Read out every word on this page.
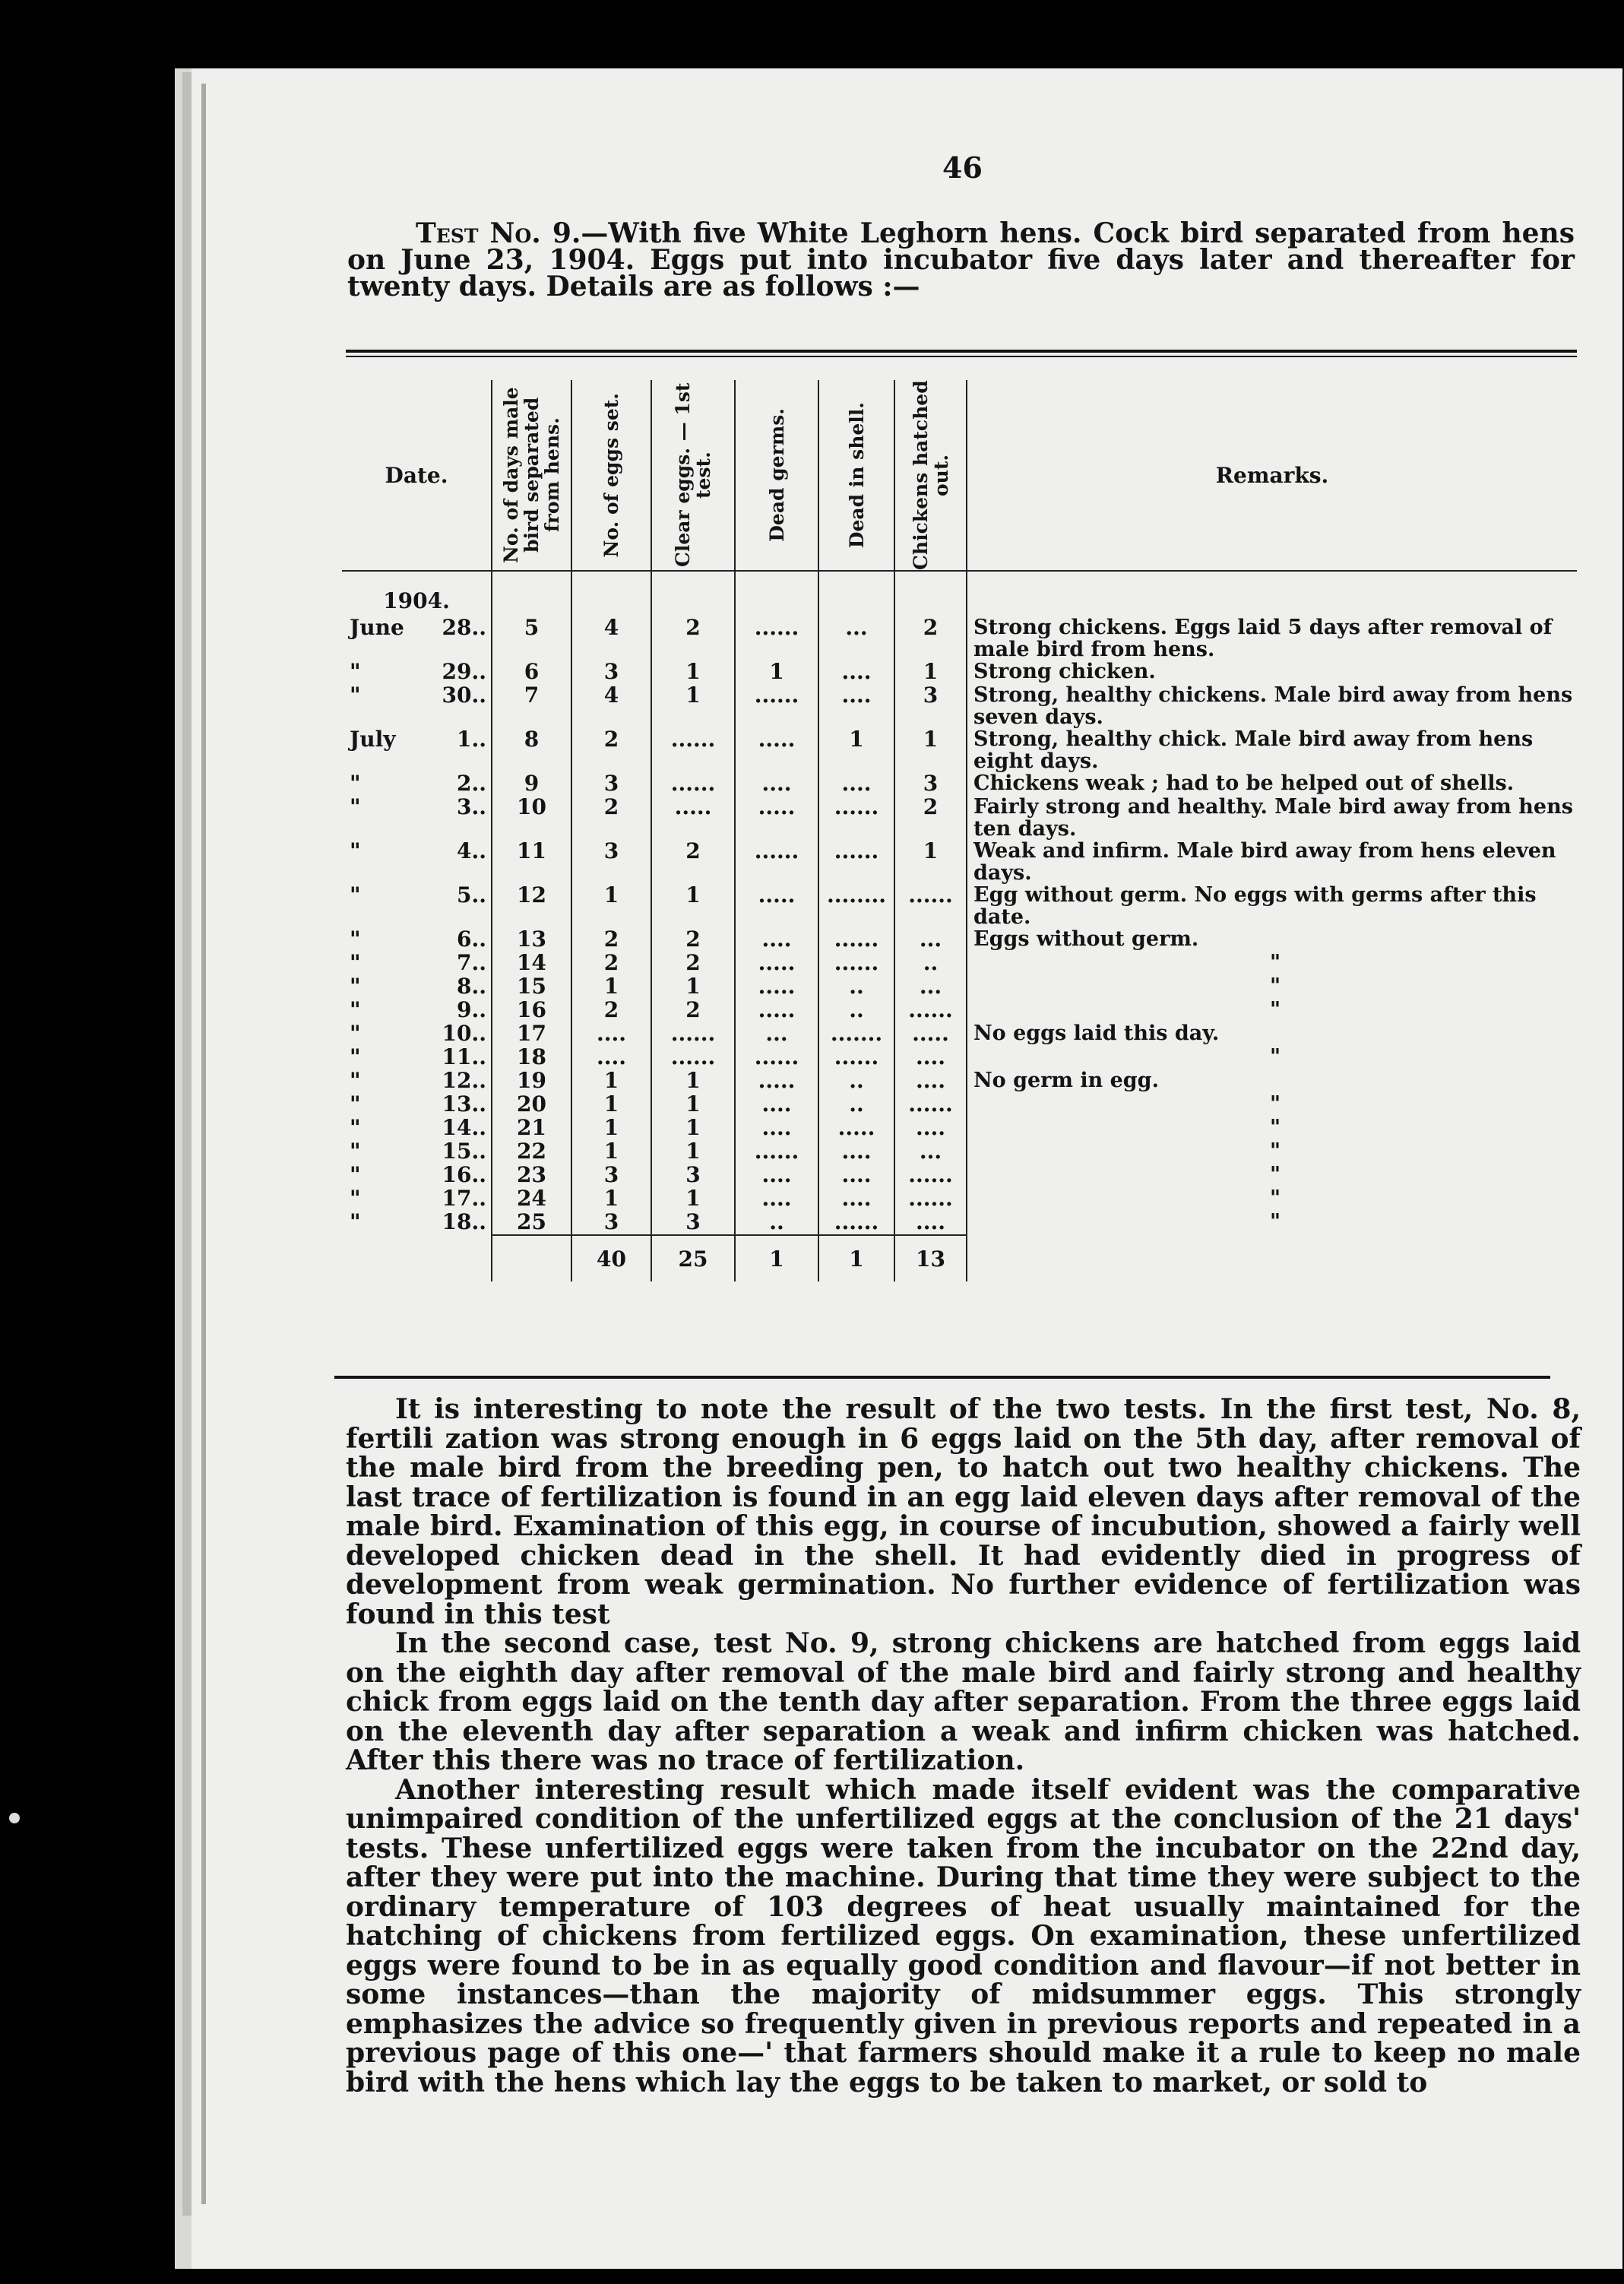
46
Test No. 9.—With five White Leghorn hens. Cock bird separated from hens on June 23, 1904. Eggs put into incubator five days later and thereafter for twenty days. Details are as follows :—
Date.		No. of days male bird separated from hens.	No. of eggs set.	Clear eggs. — 1st test.	Dead germs.	Dead in shell.	Chickens hatched out.	Remarks.
1904.								
June	28..	5	4	2	......	...	2	Strong chickens. Eggs laid 5 days after removal of male bird from hens.
"	29..	6	3	1	1	....	1	Strong chicken.
"	30..	7	4	1	......	....	3	Strong, healthy chickens. Male bird away from hens seven days.
July	1..	8	2	......	.....	1	1	Strong, healthy chick. Male bird away from hens eight days.
"	2..	9	3	......	....	....	3	Chickens weak ; had to be helped out of shells.
"	3..	10	2	.....	.....	......	2	Fairly strong and healthy. Male bird away from hens ten days.
"	4..	11	3	2	......	......	1	Weak and infirm. Male bird away from hens eleven days.
"	5..	12	1	1	.....	........	......	Egg without germ. No eggs with germs after this date.
"	6..	13	2	2	....	......	...	Eggs without germ.
"	7..	14	2	2	.....	......	..	"
"	8..	15	1	1	.....	..	...	"
"	9..	16	2	2	.....	..	......	"
"	10..	17	....	......	...	.......	.....	No eggs laid this day.
"	11..	18	....	......	......	......	....	"
"	12..	19	1	1	.....	..	....	No germ in egg.
"	13..	20	1	1	....	..	......	"
"	14..	21	1	1	....	.....	....	"
"	15..	22	1	1	......	....	...	"
"	16..	23	3	3	....	....	......	"
"	17..	24	1	1	....	....	......	"
"	18..	25	3	3	..	......	....	"
			40	25	1	1	13	

It is interesting to note the result of the two tests. In the first test, No. 8, fertili zation was strong enough in 6 eggs laid on the 5th day, after removal of the male bird from the breeding pen, to hatch out two healthy chickens. The last trace of fertilization is found in an egg laid eleven days after removal of the male bird. Examination of this egg, in course of incubution, showed a fairly well developed chicken dead in the shell. It had evidently died in progress of development from weak germination. No further evidence of fertilization was found in this test

In the second case, test No. 9, strong chickens are hatched from eggs laid on the eighth day after removal of the male bird and fairly strong and healthy chick from eggs laid on the tenth day after separation. From the three eggs laid on the eleventh day after separation a weak and infirm chicken was hatched. After this there was no trace of fertilization.

Another interesting result which made itself evident was the comparative unimpaired condition of the unfertilized eggs at the conclusion of the 21 days' tests. These unfertilized eggs were taken from the incubator on the 22nd day, after they were put into the machine. During that time they were subject to the ordinary temperature of 103 degrees of heat usually maintained for the hatching of chickens from fertilized eggs. On examination, these unfertilized eggs were found to be in as equally good condition and flavour—if not better in some instances—than the majority of midsummer eggs. This strongly emphasizes the advice so frequently given in previous reports and repeated in a previous page of this one—' that farmers should make it a rule to keep no male bird with the hens which lay the eggs to be taken to market, or sold to
